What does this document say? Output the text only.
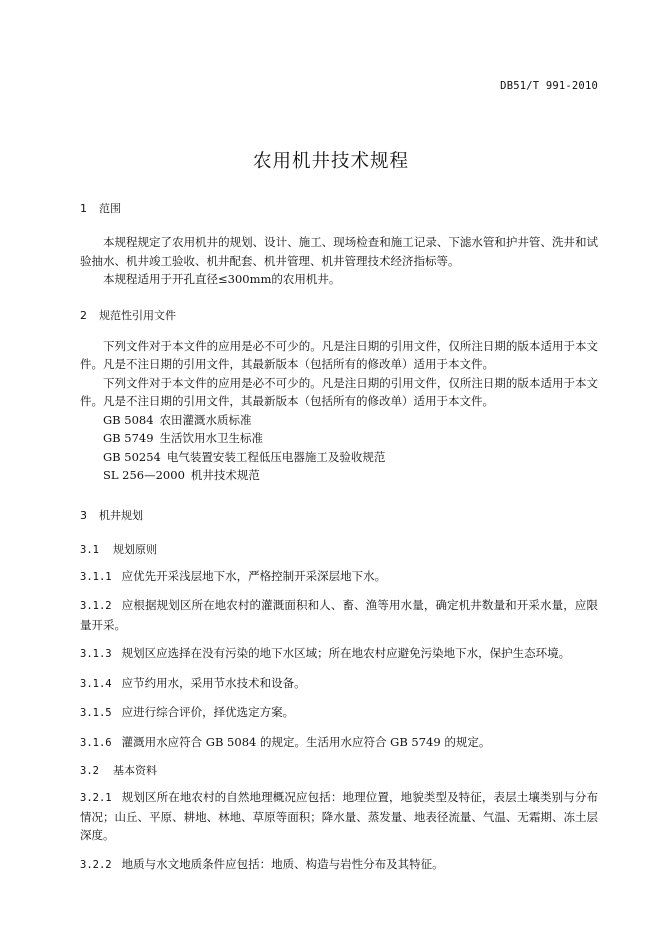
DB51/T 991-2010
农用机井技术规程
1 范围

本规程规定了农用机井的规划、设计、施工、现场检查和施工记录、下滤水管和护井管、洗井和试验抽水、机井竣工验收、机井配套、机井管理、机井管理技术经济指标等。

本规程适用于开孔直径≤300mm的农用机井。

2 规范性引用文件

下列文件对于本文件的应用是必不可少的。凡是注日期的引用文件，仅所注日期的版本适用于本文件。凡是不注日期的引用文件，其最新版本（包括所有的修改单）适用于本文件。

下列文件对于本文件的应用是必不可少的。凡是注日期的引用文件，仅所注日期的版本适用于本文件。凡是不注日期的引用文件，其最新版本（包括所有的修改单）适用于本文件。

GB 5084 农田灌溉水质标准
GB 5749 生活饮用水卫生标准
GB 50254 电气装置安装工程低压电器施工及验收规范
SL 256—2000 机井技术规范
3 机井规划
3.1 规划原则

3.1.1 应优先开采浅层地下水，严格控制开采深层地下水。

3.1.2 应根据规划区所在地农村的灌溉面积和人、畜、渔等用水量，确定机井数量和开采水量，应限量开采。

3.1.3 规划区应选择在没有污染的地下水区域；所在地农村应避免污染地下水，保护生态环境。

3.1.4 应节约用水，采用节水技术和设备。

3.1.5 应进行综合评价，择优选定方案。

3.1.6 灌溉用水应符合 GB 5084 的规定。生活用水应符合 GB 5749 的规定。

3.2 基本资料

3.2.1 规划区所在地农村的自然地理概况应包括：地理位置，地貌类型及特征，表层土壤类别与分布情况；山丘、平原、耕地、林地、草原等面积；降水量、蒸发量、地表径流量、气温、无霜期、冻土层深度。

3.2.2 地质与水文地质条件应包括：地质、构造与岩性分布及其特征。
